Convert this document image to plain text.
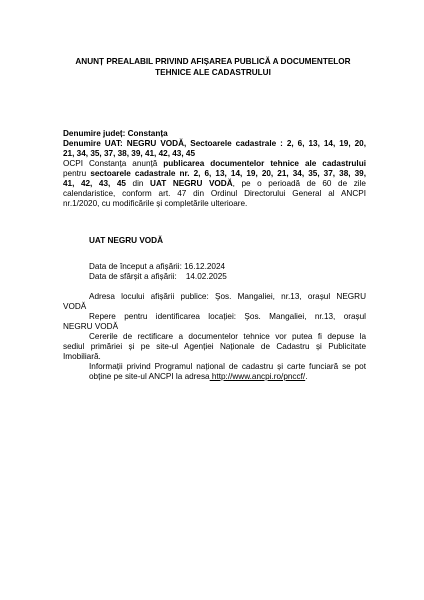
ANUNȚ PREALABIL PRIVIND AFIȘAREA PUBLICĂ A DOCUMENTELOR
TEHNICE ALE CADASTRULUI
Denumire județ: Constanța
Denumire UAT: NEGRU VODĂ, Sectoarele cadastrale : 2, 6, 13, 14, 19, 20,
21, 34, 35, 37, 38, 39, 41, 42, 43, 45
OCPI Constanța anunță publicarea documentelor tehnice ale cadastrului
pentru sectoarele cadastrale nr. 2, 6, 13, 14, 19, 20, 21, 34, 35, 37, 38, 39,
41, 42, 43, 45 din UAT NEGRU VODĂ, pe o perioadă de 60 de zile
calendaristice, conform art. 47 din Ordinul Directorului General al ANCPI
nr.1/2020, cu modificările și completările ulterioare.
UAT NEGRU VODĂ
Data de început a afișării: 16.12.2024
Data de sfârșit a afișării: 14.02.2025
Adresa locului afișării publice: Şos. Mangaliei, nr.13, orașul NEGRU
VODĂ
Repere pentru identificarea locației: Şos. Mangaliei, nr.13, orașul
NEGRU VODĂ
Cererile de rectificare a documentelor tehnice vor putea fi depuse la
sediul primăriei și pe site-ul Agenției Naționale de Cadastru și Publicitate
Imobiliară.
Informații privind Programul național de cadastru și carte funciară se pot
obține pe site-ul ANCPI la adresa http://www.ancpi.ro/pnccf/.
